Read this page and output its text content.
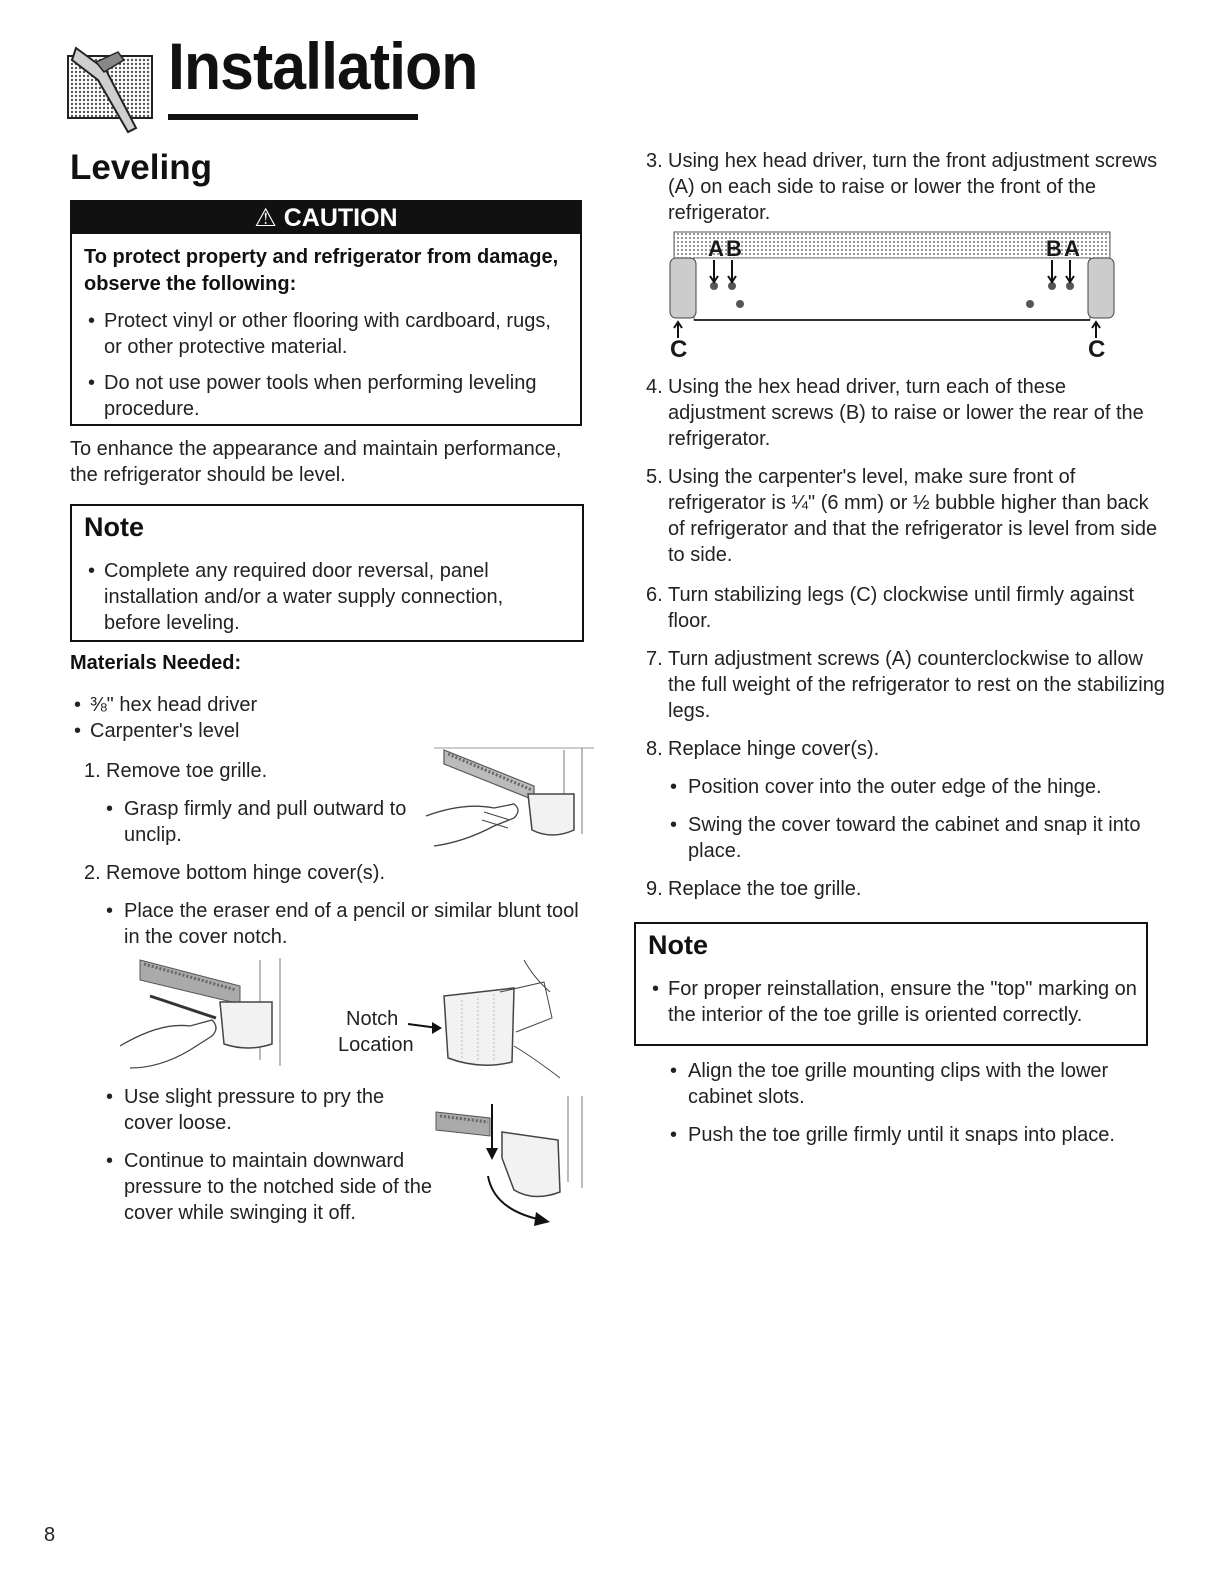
Installation
Leveling
⚠ CAUTION
To protect property and refrigerator from damage, observe the following:
• Protect vinyl or other flooring with cardboard, rugs, or other protective material.
• Do not use power tools when performing leveling procedure.
To enhance the appearance and maintain performance, the refrigerator should be level.
Note
• Complete any required door reversal, panel installation and/or a water supply connection, before leveling.
Materials Needed:
• ⅜" hex head driver
• Carpenter's level
1. Remove toe grille.
• Grasp firmly and pull outward to unclip.
2. Remove bottom hinge cover(s).
• Place the eraser end of a pencil or similar blunt tool in the cover notch.
Notch
Location
• Use slight pressure to pry the cover loose.
• Continue to maintain downward pressure to the notched side of the cover while swinging it off.
3. Using hex head driver, turn the front adjustment screws (A) on each side to raise or lower the front of the refrigerator.
A B	B A
C	C
4. Using the hex head driver, turn each of these adjustment screws (B) to raise or lower the rear of the refrigerator.
5. Using the carpenter's level, make sure front of refrigerator is ¼" (6 mm) or ½ bubble higher than back of refrigerator and that the refrigerator is level from side to side.
6. Turn stabilizing legs (C) clockwise until firmly against floor.
7. Turn adjustment screws (A) counterclockwise to allow the full weight of the refrigerator to rest on the stabilizing legs.
8. Replace hinge cover(s).
• Position cover into the outer edge of the hinge.
• Swing the cover toward the cabinet and snap it into place.
9. Replace the toe grille.
Note
• For proper reinstallation, ensure the "top" marking on the interior of the toe grille is oriented correctly.
• Align the toe grille mounting clips with the lower cabinet slots.
• Push the toe grille firmly until it snaps into place.
8
